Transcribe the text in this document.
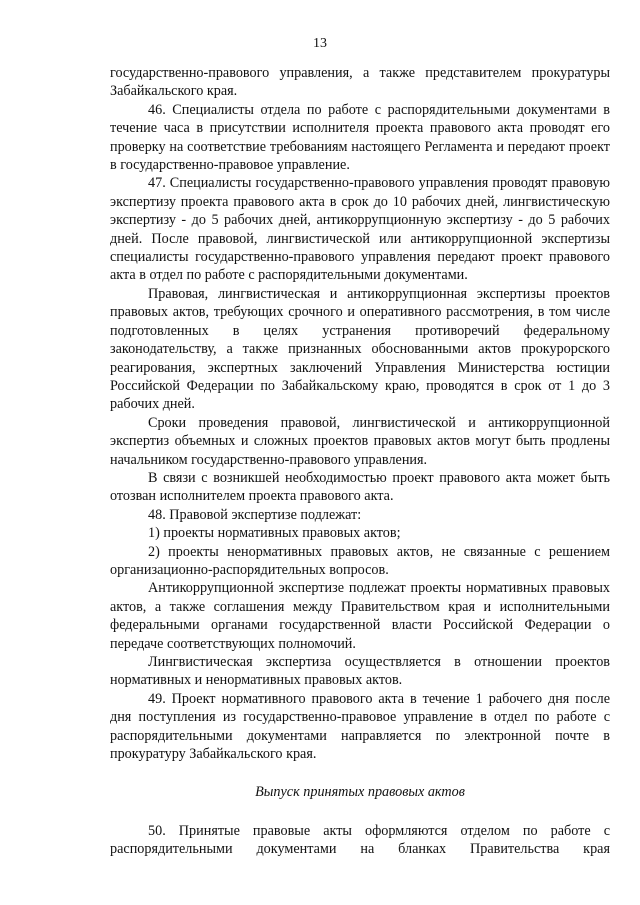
13

государственно-правового управления, а также представителем прокуратуры Забайкальского края.

46. Специалисты отдела по работе с распорядительными документами в течение часа в присутствии исполнителя проекта правового акта проводят его проверку на соответствие требованиям настоящего Регламента и передают проект в государственно-правовое управление.

47. Специалисты государственно-правового управления проводят правовую экспертизу проекта правового акта в срок до 10 рабочих дней, лингвистическую экспертизу - до 5 рабочих дней, антикоррупционную экспертизу - до 5 рабочих дней. После правовой, лингвистической или антикоррупционной экспертизы специалисты государственно-правового управления передают проект правового акта в отдел по работе с распорядительными документами.

Правовая, лингвистическая и антикоррупционная экспертизы проектов правовых актов, требующих срочного и оперативного рассмотрения, в том числе подготовленных в целях устранения противоречий федеральному законодательству, а также признанных обоснованными актов прокурорского реагирования, экспертных заключений Управления Министерства юстиции Российской Федерации по Забайкальскому краю, проводятся в срок от 1 до 3 рабочих дней.

Сроки проведения правовой, лингвистической и антикоррупционной экспертиз объемных и сложных проектов правовых актов могут быть продлены начальником государственно-правового управления.

В связи с возникшей необходимостью проект правового акта может быть отозван исполнителем проекта правового акта.

48. Правовой экспертизе подлежат:

1) проекты нормативных правовых актов;

2) проекты ненормативных правовых актов, не связанные с решением организационно-распорядительных вопросов.

Антикоррупционной экспертизе подлежат проекты нормативных правовых актов, а также соглашения между Правительством края и исполнительными федеральными органами государственной власти Российской Федерации о передаче соответствующих полномочий.

Лингвистическая экспертиза осуществляется в отношении проектов нормативных и ненормативных правовых актов.

49. Проект нормативного правового акта в течение 1 рабочего дня после дня поступления из государственно-правовое управление в отдел по работе с распорядительными документами направляется по электронной почте в прокуратуру Забайкальского края.

Выпуск принятых правовых актов

50. Принятые правовые акты оформляются отделом по работе с распорядительными документами на бланках Правительства края
